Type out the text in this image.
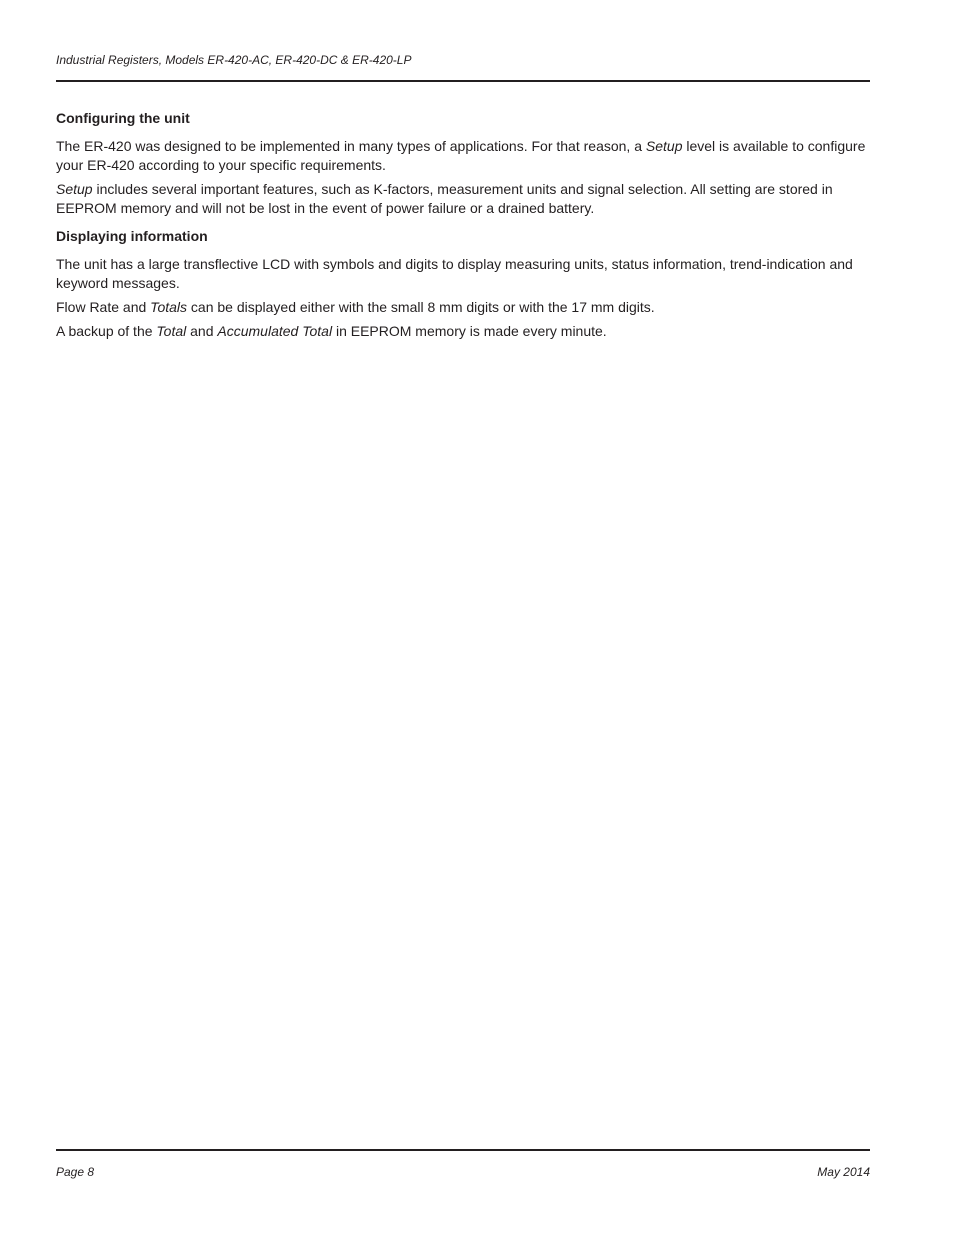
Industrial Registers, Models ER-420-AC, ER-420-DC & ER-420-LP
Configuring the unit

The ER-420 was designed to be implemented in many types of applications. For that reason, a Setup level is available to configure your ER-420 according to your specific requirements.

Setup includes several important features, such as K-factors, measurement units and signal selection. All setting are stored in EEPROM memory and will not be lost in the event of power failure or a drained battery.

Displaying information

The unit has a large transflective LCD with symbols and digits to display measuring units, status information, trend-indication and keyword messages.

Flow Rate and Totals can be displayed either with the small 8 mm digits or with the 17 mm digits.

A backup of the Total and Accumulated Total in EEPROM memory is made every minute.

Page 8	May 2014
